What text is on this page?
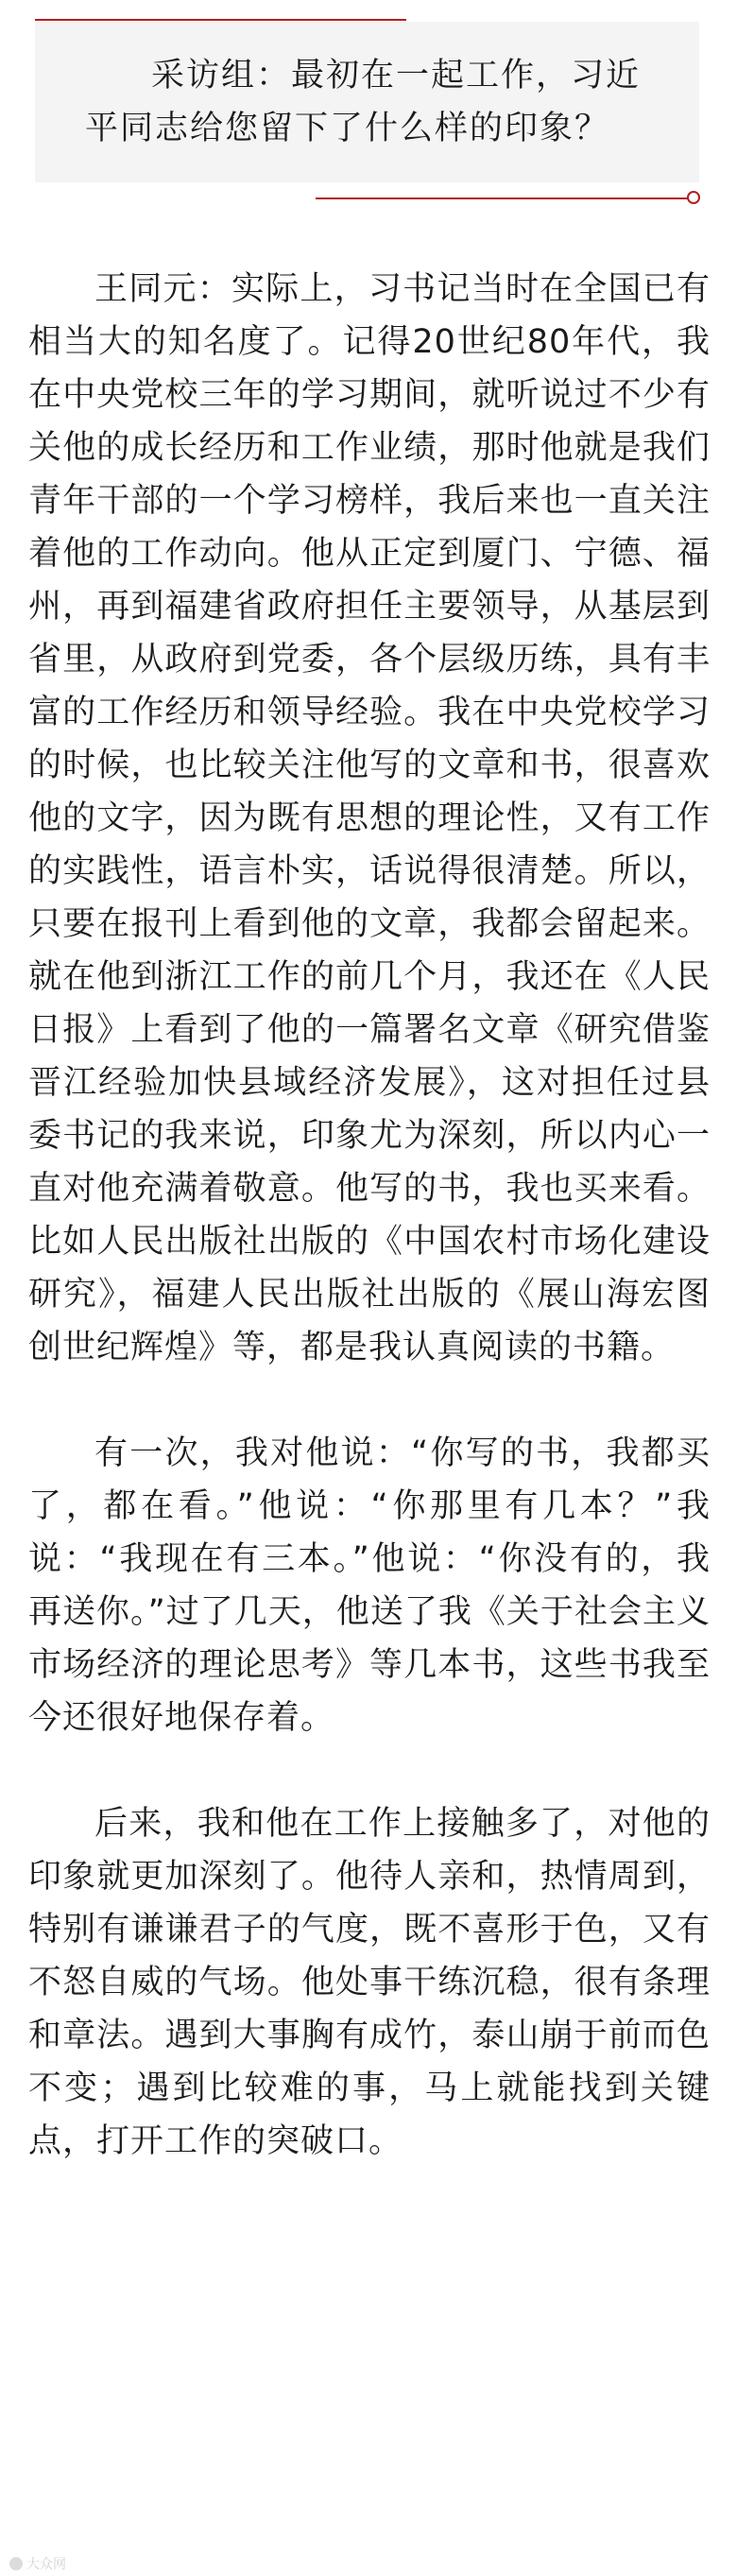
采访组：最初在一起工作，习近平同志给您留下了什么样的印象？

王同元：实际上，习书记当时在全国已有相当大的知名度了。记得20世纪80年代，我在中央党校三年的学习期间，就听说过不少有关他的成长经历和工作业绩，那时他就是我们青年干部的一个学习榜样，我后来也一直关注着他的工作动向。他从正定到厦门、宁德、福州，再到福建省政府担任主要领导，从基层到省里，从政府到党委，各个层级历练，具有丰富的工作经历和领导经验。我在中央党校学习的时候，也比较关注他写的文章和书，很喜欢他的文字，因为既有思想的理论性，又有工作的实践性，语言朴实，话说得很清楚。所以，只要在报刊上看到他的文章，我都会留起来。就在他到浙江工作的前几个月，我还在《人民日报》上看到了他的一篇署名文章《研究借鉴晋江经验加快县域经济发展》，这对担任过县委书记的我来说，印象尤为深刻，所以内心一直对他充满着敬意。他写的书，我也买来看。比如人民出版社出版的《中国农村市场化建设研究》，福建人民出版社出版的《展山海宏图创世纪辉煌》等，都是我认真阅读的书籍。

有一次，我对他说：“你写的书，我都买了，都在看。”他说：“你那里有几本？”我说：“我现在有三本。”他说：“你没有的，我再送你。”过了几天，他送了我《关于社会主义市场经济的理论思考》等几本书，这些书我至今还很好地保存着。

后来，我和他在工作上接触多了，对他的印象就更加深刻了。他待人亲和，热情周到，特别有谦谦君子的气度，既不喜形于色，又有不怒自威的气场。他处事干练沉稳，很有条理和章法。遇到大事胸有成竹，泰山崩于前而色不变；遇到比较难的事，马上就能找到关键点，打开工作的突破口。

大众网
